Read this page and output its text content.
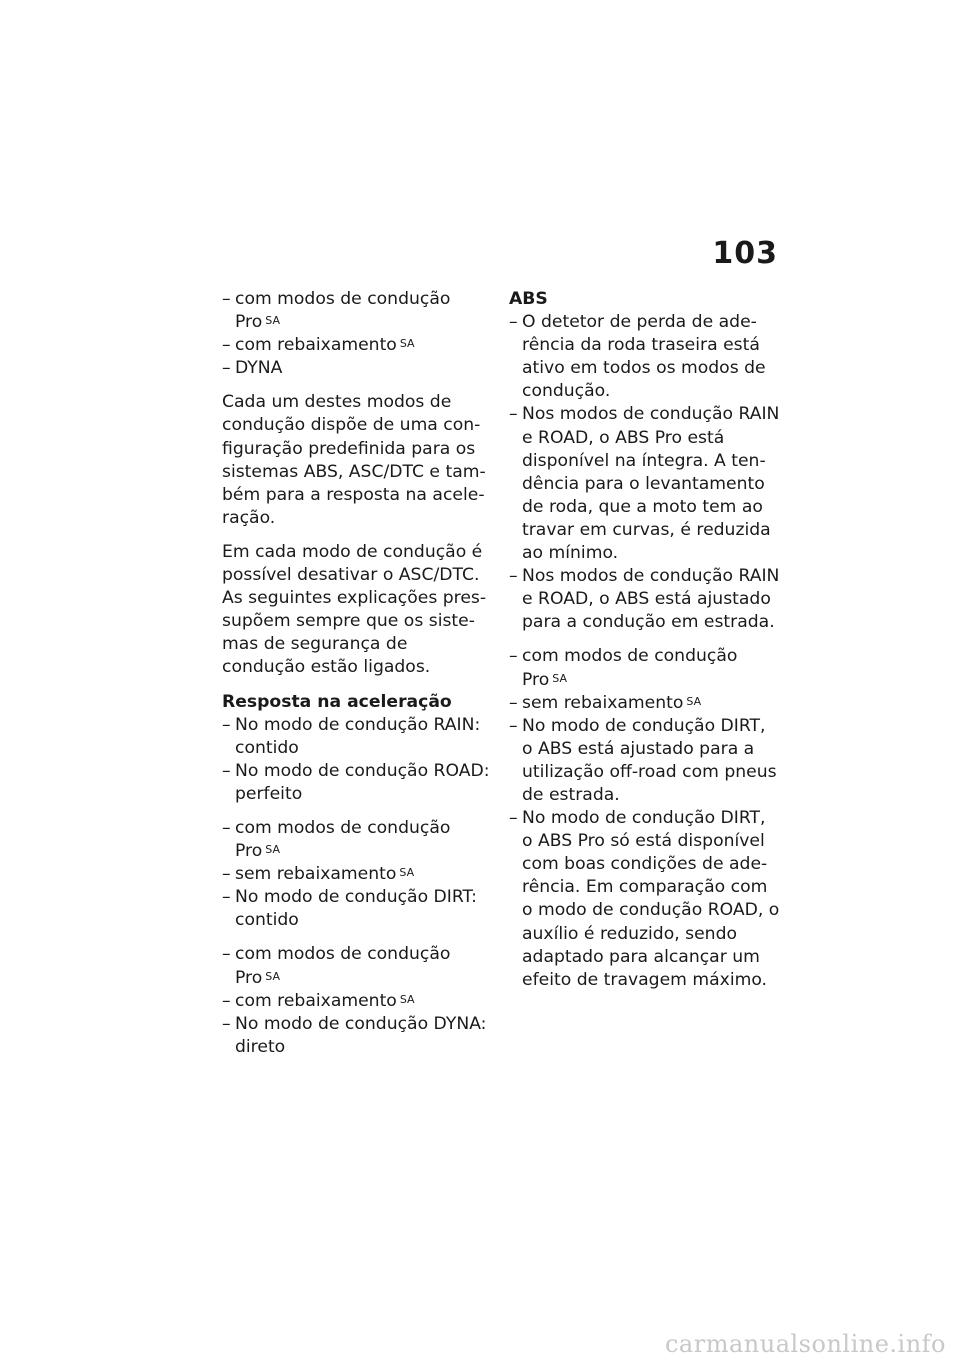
103
– com modos de condução Pro $^{SA}$
– com rebaixamento $^{SA}$
– DYNA

Cada um destes modos de condução dispõe de uma configuração predefinida para os sistemas ABS, ASC/DTC e também para a resposta na aceleração.

Em cada modo de condução é possível desativar o ASC/DTC. As seguintes explicações pressupõem sempre que os sistemas de segurança de condução estão ligados.

Resposta na aceleração
– No modo de condução RAIN: contido
– No modo de condução ROAD: perfeito
– com modos de condução Pro $^{SA}$
– sem rebaixamento $^{SA}$
– No modo de condução DIRT: contido
– com modos de condução Pro $^{SA}$
– com rebaixamento $^{SA}$
– No modo de condução DYNA: direto
ABS
– O detetor de perda de aderência da roda traseira está ativo em todos os modos de condução.
– Nos modos de condução RAIN e ROAD, o ABS Pro está disponível na íntegra. A tendência para o levantamento de roda, que a moto tem ao travar em curvas, é reduzida ao mínimo.
– Nos modos de condução RAIN e ROAD, o ABS está ajustado para a condução em estrada.
– com modos de condução Pro $^{SA}$
– sem rebaixamento $^{SA}$
– No modo de condução DIRT, o ABS está ajustado para a utilização off-road com pneus de estrada.
– No modo de condução DIRT, o ABS Pro só está disponível com boas condições de aderência. Em comparação com o modo de condução ROAD, o auxílio é reduzido, sendo adaptado para alcançar um efeito de travagem máximo.
carmanualsonline.info
